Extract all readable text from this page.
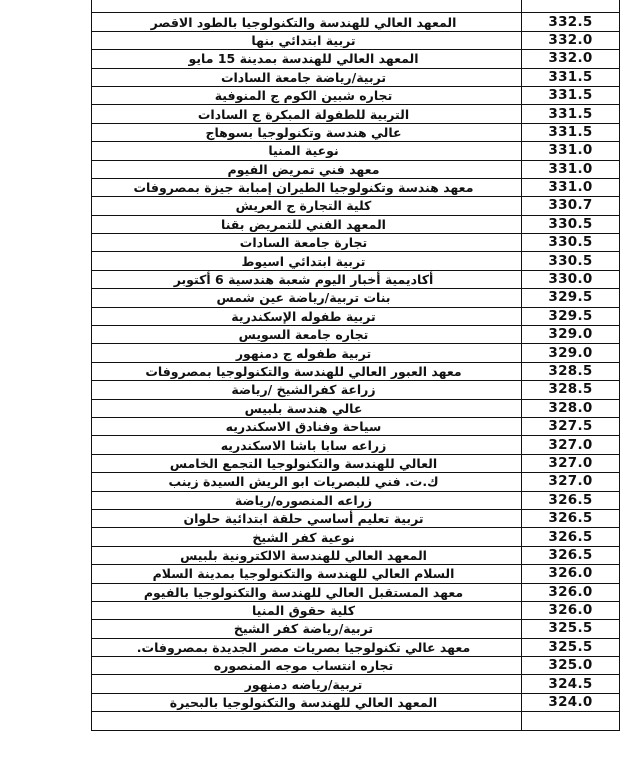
المعهد العالي للهندسة والتكنولوجيا بالطود الاقصر	332.5
تربية ابتدائي بنها	332.0
المعهد العالي للهندسة بمدينة 15 مايو	332.0
تربية/رياضة جامعة السادات	331.5
تجاره شبين الكوم ج المنوفية	331.5
التربية للطفولة المبكرة ج السادات	331.5
عالي هندسة وتكنولوجيا بسوهاج	331.5
نوعية المنيا	331.0
معهد فني تمريض الفيوم	331.0
معهد هندسة وتكنولوجيا الطيران إمبابة جيزة بمصروفات	331.0
كلية التجارة ج العريش	330.7
المعهد الفني للتمريض بقنا	330.5
تجارة جامعة السادات	330.5
تربية ابتدائي اسيوط	330.5
أكاديمية أخبار اليوم شعبة هندسية 6 أكتوبر	330.0
بنات تربية/رياضة عين شمس	329.5
تربية طفوله الإسكندرية	329.5
تجاره جامعة السويس	329.0
تربية طفوله ج دمنهور	329.0
معهد العبور العالي للهندسة والتكنولوجيا بمصروفات	328.5
زراعة كفرالشيخ /رياضة	328.5
عالي هندسة بلبيس	328.0
سياحة وفنادق الاسكندريه	327.5
زراعه سابا باشا الاسكندريه	327.0
العالي للهندسة والتكنولوجيا التجمع الخامس	327.0
ك.ت. فني للبصريات ابو الريش السيدة زينب	327.0
زراعه المنصوره/رياضة	326.5
تربية تعليم أساسي حلقة ابتدائية حلوان	326.5
نوعية كفر الشيخ	326.5
المعهد العالي للهندسة الالكترونية بلبيس	326.5
السلام العالي للهندسة والتكنولوجيا بمدينة السلام	326.0
معهد المستقبل العالي للهندسة والتكنولوجيا بالفيوم	326.0
كلية حقوق المنيا	326.0
تربية/رياضة كفر الشيخ	325.5
معهد عالي تكنولوجيا بصريات مصر الجديدة بمصروفات.	325.5
تجاره انتساب موجه المنصوره	325.0
تربية/رياضه دمنهور	324.5
المعهد العالي للهندسة والتكنولوجيا بالبحيرة	324.0
